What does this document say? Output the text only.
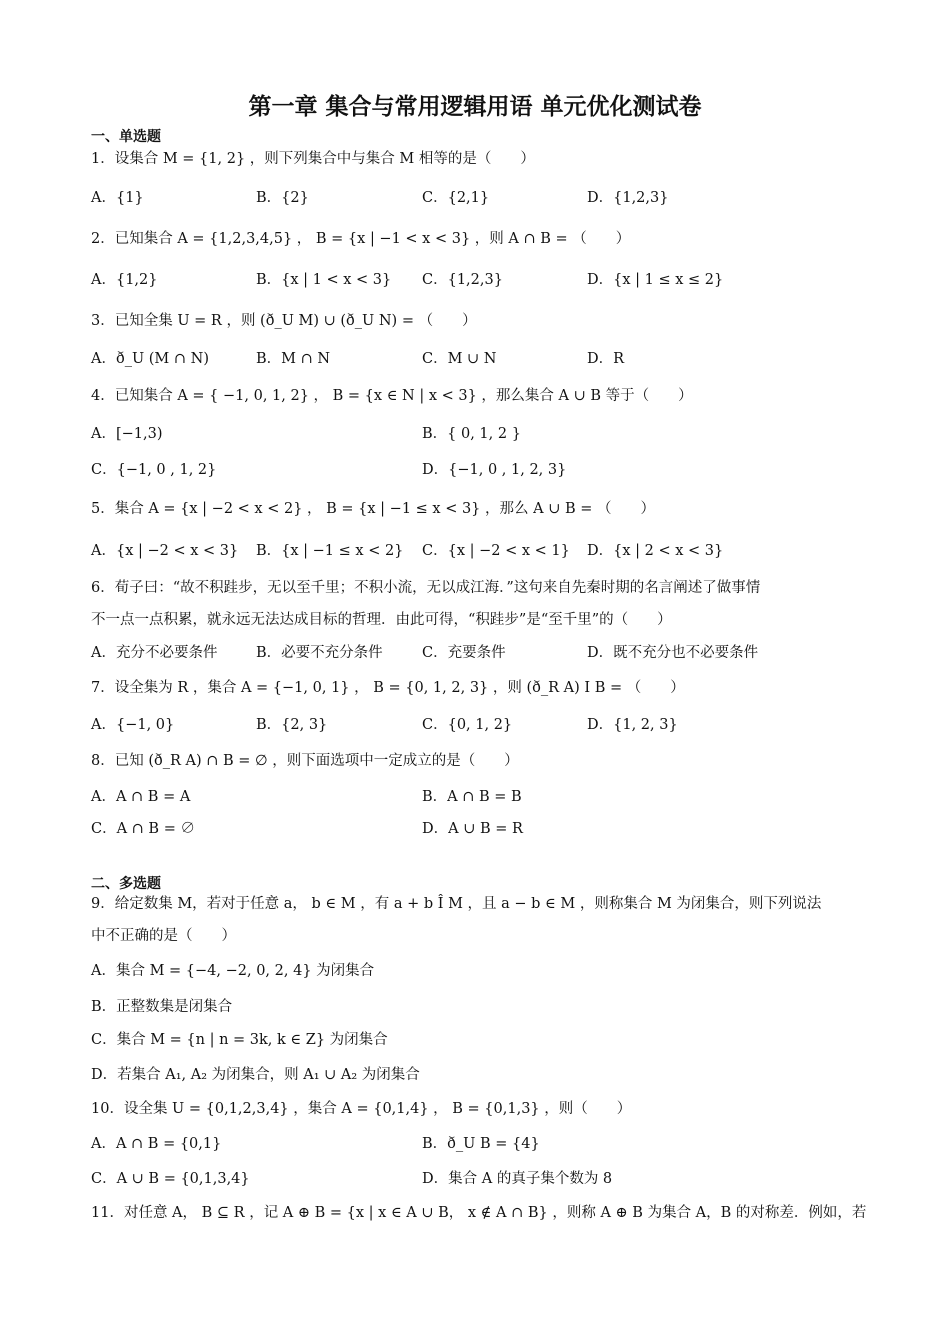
第一章 集合与常用逻辑用语 单元优化测试卷
一、单选题
1．设集合 M = {1, 2} ，则下列集合中与集合 M 相等的是（　　）
A．{1}	B．{2}	C．{2,1}	D．{1,2,3}
2．已知集合 A = {1,2,3,4,5} ， B = {x | −1 < x < 3} ，则 A ∩ B = （　　）
A．{1,2}	B．{x | 1 < x < 3} C．{1,2,3}	D．{x | 1 ≤ x ≤ 2}
3．已知全集 U = R ，则 (ð_U M) ∪ (ð_U N) = （　　）
A．ð_U (M ∩ N)	B．M ∩ N	C．M ∪ N	D．R
4．已知集合 A = { −1, 0, 1, 2} ， B = {x ∈ N | x < 3} ，那么集合 A ∪ B 等于（　　）
A．[−1,3)	B．{ 0, 1, 2 }
C．{−1, 0 , 1, 2}	D．{−1, 0 , 1, 2, 3}
5．集合 A = {x | −2 < x < 2} ， B = {x | −1 ≤ x < 3} ，那么 A ∪ B = （　　）
A．{x | −2 < x < 3} B．{x | −1 ≤ x < 2} C．{x | −2 < x < 1} D．{x | 2 < x < 3}
6．荀子曰：“故不积跬步，无以至千里；不积小流，无以成江海．”这句来自先秦时期的名言阐述了做事情
不一点一点积累，就永远无法达成目标的哲理．由此可得，“积跬步”是“至千里”的（　　）
A．充分不必要条件	B．必要不充分条件	C．充要条件	D．既不充分也不必要条件
7．设全集为 R ，集合 A = {−1, 0, 1} ， B = {0, 1, 2, 3} ，则 (ð_R A) I B = （　　）
A．{−1, 0}	B．{2, 3}	C．{0, 1, 2}	D．{1, 2, 3}
8．已知 (ð_R A) ∩ B = ∅ ，则下面选项中一定成立的是（　　）
A．A ∩ B = A	B．A ∩ B = B
C．A ∩ B = ∅	D．A ∪ B = R
二、多选题
9．给定数集 M，若对于任意 a， b ∈ M ，有 a + b Î M ，且 a − b ∈ M ，则称集合 M 为闭集合，则下列说法
中不正确的是（　　）
A．集合 M = {−4, −2, 0, 2, 4} 为闭集合
B．正整数集是闭集合
C．集合 M = {n | n = 3k, k ∈ Z} 为闭集合
D．若集合 A₁, A₂ 为闭集合，则 A₁ ∪ A₂ 为闭集合
10．设全集 U = {0,1,2,3,4} ，集合 A = {0,1,4} ， B = {0,1,3} ，则（　　）
A．A ∩ B = {0,1}	B．ð_U B = {4}
C．A ∪ B = {0,1,3,4}	D．集合 A 的真子集个数为 8
11．对任意 A， B ⊆ R ，记 A ⊕ B = {x | x ∈ A ∪ B， x ∉ A ∩ B} ，则称 A ⊕ B 为集合 A，B 的对称差．例如，若
